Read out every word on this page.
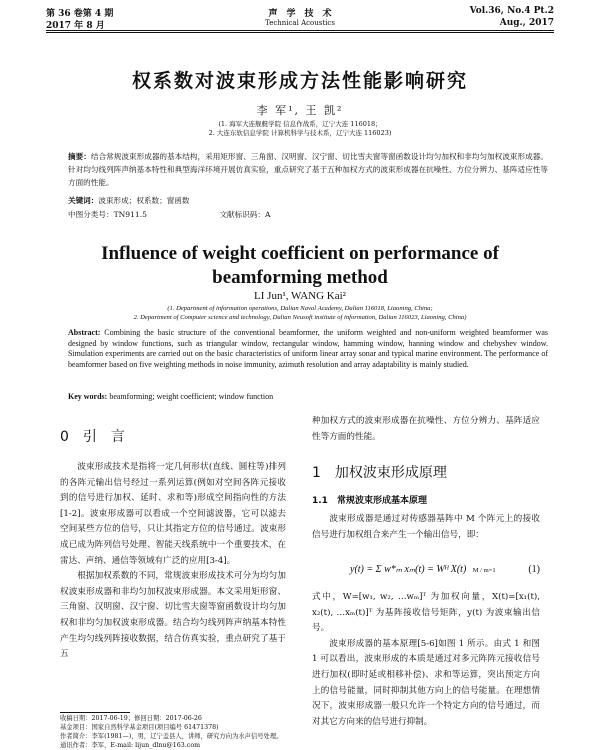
第 36 卷第 4 期
2017 年 8 月
声　学　技　术
Technical Acoustics
Vol.36, No.4 Pt.2
Aug., 2017
权系数对波束形成方法性能影响研究
李 军¹, 王 凯²
(1. 海军大连舰艇学院 信息作战系，辽宁大连 116018；
2. 大连东软信息学院 计算机科学与技术系，辽宁大连 116023)
摘要：结合常规波束形成器的基本结构，采用矩形窗、三角窗、汉明窗、汉宁窗、切比雪夫窗等窗函数设计均匀加权和非均匀加权波束形成器。针对均匀线列阵声纳基本特性和典型海洋环境开展仿真实验，重点研究了基于五种加权方式的波束形成器在抗噪性、方位分辨力、基阵适应性等方面的性能。
关键词：波束形成；权系数；窗函数
中图分类号：TN911.5	文献标识码：A
Influence of weight coefficient on performance of
beamforming method
LI Jun¹, WANG Kai²
(1. Department of information operations, Dalian Naval Academy, Dalian 116018, Liaoning, China;
2. Department of Computer science and technology, Dalian Neusoft institute of information, Dalian 116023, Liaoning, China)
Abstract: Combining the basic structure of the conventional beamformer, the uniform weighted and non-uniform weighted beamformer was designed by window functions, such as triangular window, rectangular window, hamming window, hanning window and chebyshev window. Simulation experiments are carried out on the basic characteristics of uniform linear array sonar and typical marine environment. The performance of beamformer based on five weighting methods in noise immunity, azimuth resolution and array adaptability is mainly studied.
Key words: beamforming; weight coefficient; window function
0　引　言

波束形成技术是指将一定几何形状(直线、圆柱等)排列的各阵元输出信号经过一系列运算(例如对空间各阵元接收到的信号进行加权、延时、求和等)形成空间指向性的方法[1-2]。波束形成器可以看成一个空间滤波器，它可以滤去空间某些方位的信号，只让其指定方位的信号通过。波束形成已成为阵列信号处理、智能天线系统中一个重要技术，在雷达、声纳、通信等领域有广泛的应用[3-4]。

根据加权系数的不同，常规波束形成技术可分为均匀加权波束形成器和非均匀加权波束形成器。本文采用矩形窗、三角窗、汉明窗、汉宁窗、切比雪夫窗等窗函数设计均匀加权和非均匀加权波束形成器。结合均匀线列阵声纳基本特性产生均匀线列阵接收数据，结合仿真实验，重点研究了基于五

收稿日期：2017-06-19；修回日期：2017-06-26
基金项目：国家自然科学基金项目(项目编号 61471378)
作者简介：李军(1981—)，男，辽宁盖县人，讲师，研究方向为水声信号处理。
通讯作者：李军，E-mail: lijun_dlnu@163.com

种加权方式的波束形成器在抗噪性、方位分辨力、基阵适应性等方面的性能。

1　加权波束形成原理
1.1　常规波束形成基本原理

波束形成器是通过对传感器基阵中 M 个阵元上的接收信号进行加权组合来产生一个输出信号，即：

y(t) = Σ w*ₘ xₘ(t) = Wᴴ X(t) M / m=1	(1)

式中，W=[w₁, w₂, …wₘ]ᵀ 为加权向量，X(t)=[x₁(t), x₂(t), …xₘ(t)]ᵀ 为基阵接收信号矩阵，y(t) 为波束输出信号。

波束形成器的基本原理[5-6]如图 1 所示。由式 1 和图 1 可以看出，波束形成的本质是通过对多元阵阵元接收信号进行加权(即时延或相移补偿)、求和等运算，突出预定方向上的信号能量，同时抑制其他方向上的信号能量。在理想情况下，波束形成器一般只允许一个特定方向的信号通过，而对其它方向来的信号进行抑制。
